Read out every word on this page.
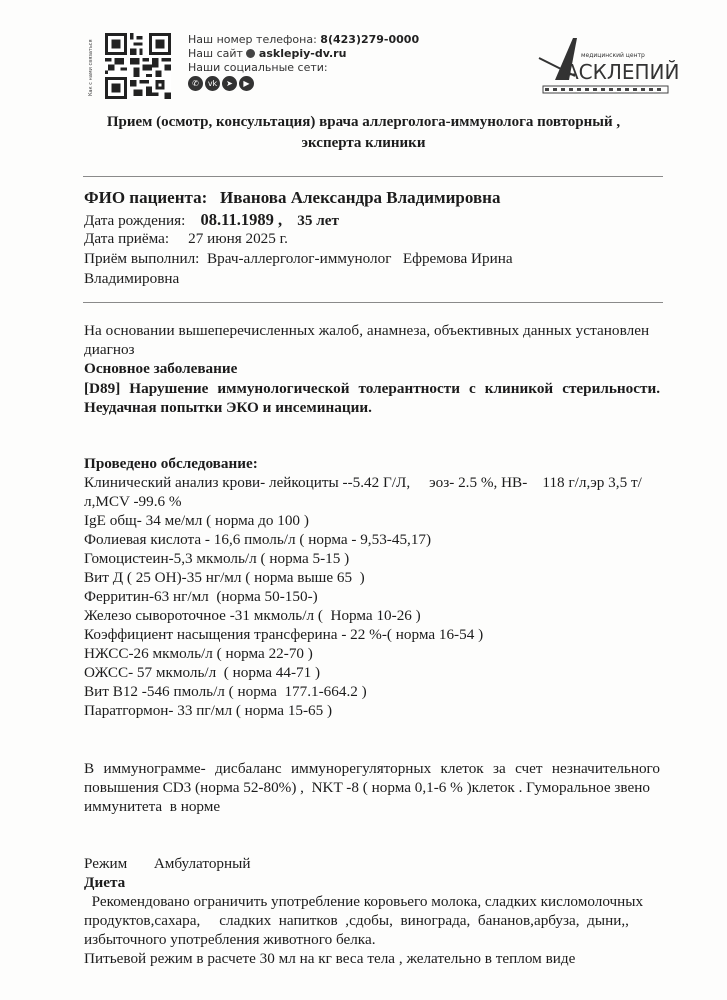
Как с нами связаться
Наш номер телефона: 8(423)279-0000
Наш сайт asklepiy-dv.ru
Наши социальные сети:
✆	vk	➤	▶
медицинский центр
АСКЛЕПИЙ
Прием (осмотр, консультация) врача аллерголога-иммунолога повторный ,
эксперта клиники
ФИО пациента: Иванова Александра Владимировна
Дата рождения: 08.11.1989 , 35 лет
Дата приёма: 27 июня 2025 г.
Приём выполнил: Врач-аллерголог-иммунолог   Ефремова Ирина
Владимировна
На основании вышеперечисленных жалоб, анамнеза, объективных данных установлен
диагноз
Основное заболевание
[D89] Нарушение иммунологической толерантности с клиникой стерильности.
Неудачная попытки ЭКО и инсеминации.
Проведено обследование:
Клинический анализ крови- лейкоциты --5.42 Г/Л,     эоз- 2.5 %, НВ-    118 г/л,эр 3,5 т/
л,MCV -99.6 %
IgE общ- 34 ме/мл ( норма до 100 )
Фолиевая кислота - 16,6 пмоль/л ( норма - 9,53-45,17)
Гомоцистеин-5,3 мкмоль/л ( норма 5-15 )
Вит Д ( 25 ОН)-35 нг/мл ( норма выше 65  )
Ферритин-63 нг/мл  (норма 50-150-)
Железо сывороточное -31 мкмоль/л (  Норма 10-26 )
Коэффициент насыщения трансферина - 22 %-( норма 16-54 )
НЖСС-26 мкмоль/л ( норма 22-70 )
ОЖСС- 57 мкмоль/л  ( норма 44-71 )
Вит В12 -546 пмоль/л ( норма  177.1-664.2 )
Паратгормон- 33 пг/мл ( норма 15-65 )
В иммунограмме- дисбаланс иммунорегуляторных клеток за счет незначительного
повышения CD3 (норма 52-80%) ,  NKT -8 ( норма 0,1-6 % )клеток . Гуморальное звено
иммунитета  в норме
Режим Амбулаторный
Диета
Рекомендовано ограничить употребление коровьего молока, сладких кисломолочных
продуктов,сахара,     сладких  напитков  ,сдобы,  винограда,  бананов,арбуза,  дыни,,
избыточного употребления животного белка.
Питьевой режим в расчете 30 мл на кг веса тела , желательно в теплом виде
